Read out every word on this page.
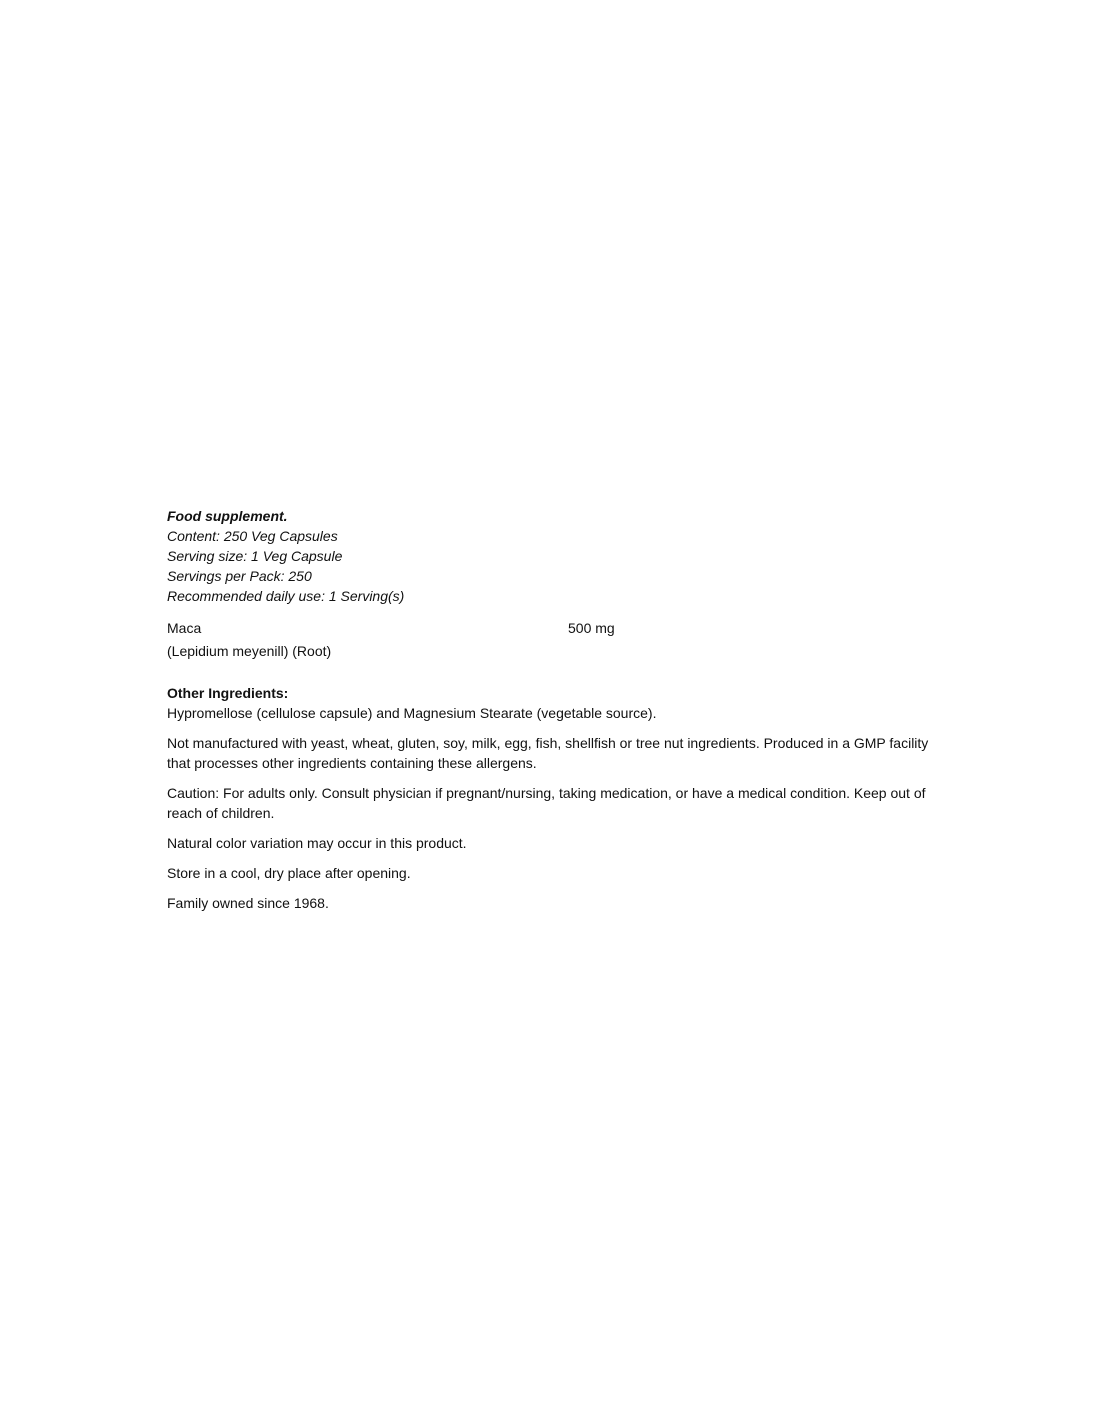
Food supplement.
Content: 250 Veg Capsules
Serving size: 1 Veg Capsule
Servings per Pack: 250
Recommended daily use: 1 Serving(s)
Maca	500 mg
(Lepidium meyenill) (Root)
Other Ingredients:
Hypromellose (cellulose capsule) and Magnesium Stearate (vegetable source).
Not manufactured with yeast, wheat, gluten, soy, milk, egg, fish, shellfish or tree nut ingredients. Produced in a GMP facility that processes other ingredients containing these allergens.
Caution: For adults only. Consult physician if pregnant/nursing, taking medication, or have a medical condition. Keep out of reach of children.
Natural color variation may occur in this product.
Store in a cool, dry place after opening.
Family owned since 1968.
